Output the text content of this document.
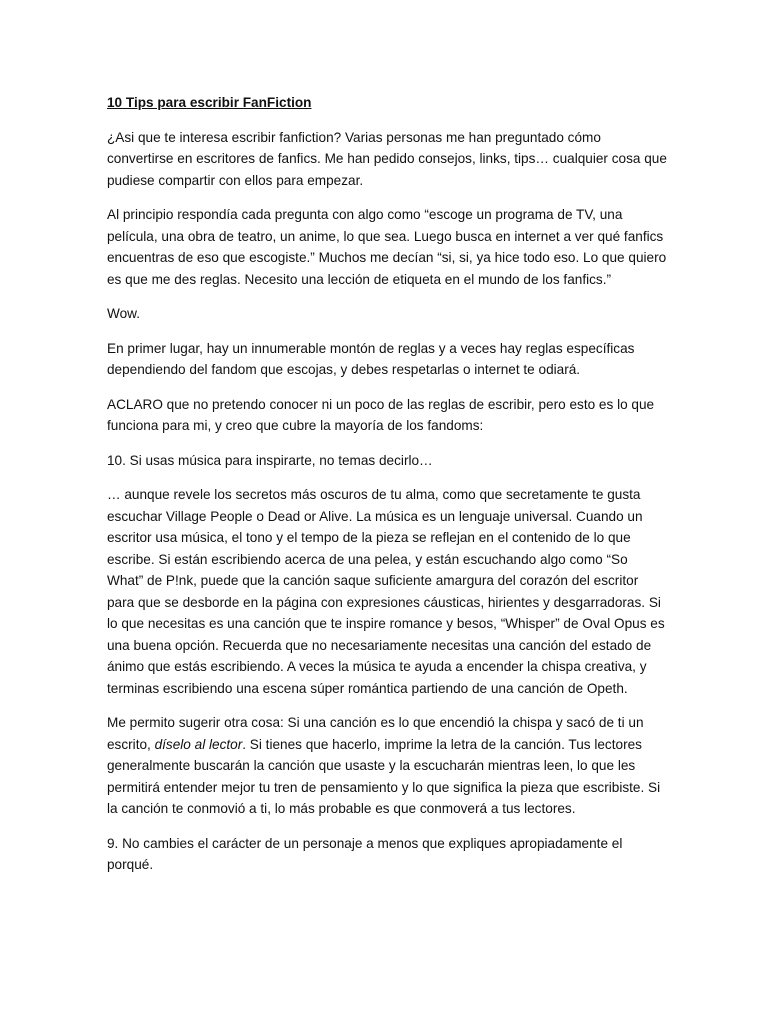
10 Tips para escribir FanFiction

¿Asi que te interesa escribir fanfiction? Varias personas me han preguntado cómo convertirse en escritores de fanfics. Me han pedido consejos, links, tips… cualquier cosa que pudiese compartir con ellos para empezar.

Al principio respondía cada pregunta con algo como “escoge un programa de TV, una película, una obra de teatro, un anime, lo que sea. Luego busca en internet a ver qué fanfics encuentras de eso que escogiste.” Muchos me decían “si, si, ya hice todo eso. Lo que quiero es que me des reglas. Necesito una lección de etiqueta en el mundo de los fanfics.”

Wow.

En primer lugar, hay un innumerable montón de reglas y a veces hay reglas específicas dependiendo del fandom que escojas, y debes respetarlas o internet te odiará.

ACLARO que no pretendo conocer ni un poco de las reglas de escribir, pero esto es lo que funciona para mi, y creo que cubre la mayoría de los fandoms:

10. Si usas música para inspirarte, no temas decirlo…

… aunque revele los secretos más oscuros de tu alma, como que secretamente te gusta escuchar Village People o Dead or Alive. La música es un lenguaje universal. Cuando un escritor usa música, el tono y el tempo de la pieza se reflejan en el contenido de lo que escribe. Si están escribiendo acerca de una pelea, y están escuchando algo como “So What” de P!nk, puede que la canción saque suficiente amargura del corazón del escritor para que se desborde en la página con expresiones cáusticas, hirientes y desgarradoras. Si lo que necesitas es una canción que te inspire romance y besos, “Whisper” de Oval Opus es una buena opción. Recuerda que no necesariamente necesitas una canción del estado de ánimo que estás escribiendo. A veces la música te ayuda a encender la chispa creativa, y terminas escribiendo una escena súper romántica partiendo de una canción de Opeth.

Me permito sugerir otra cosa: Si una canción es lo que encendió la chispa y sacó de ti un escrito, díselo al lector. Si tienes que hacerlo, imprime la letra de la canción. Tus lectores generalmente buscarán la canción que usaste y la escucharán mientras leen, lo que les permitirá entender mejor tu tren de pensamiento y lo que significa la pieza que escribiste. Si la canción te conmovió a ti, lo más probable es que conmoverá a tus lectores.

9. No cambies el carácter de un personaje a menos que expliques apropiadamente el porqué.
